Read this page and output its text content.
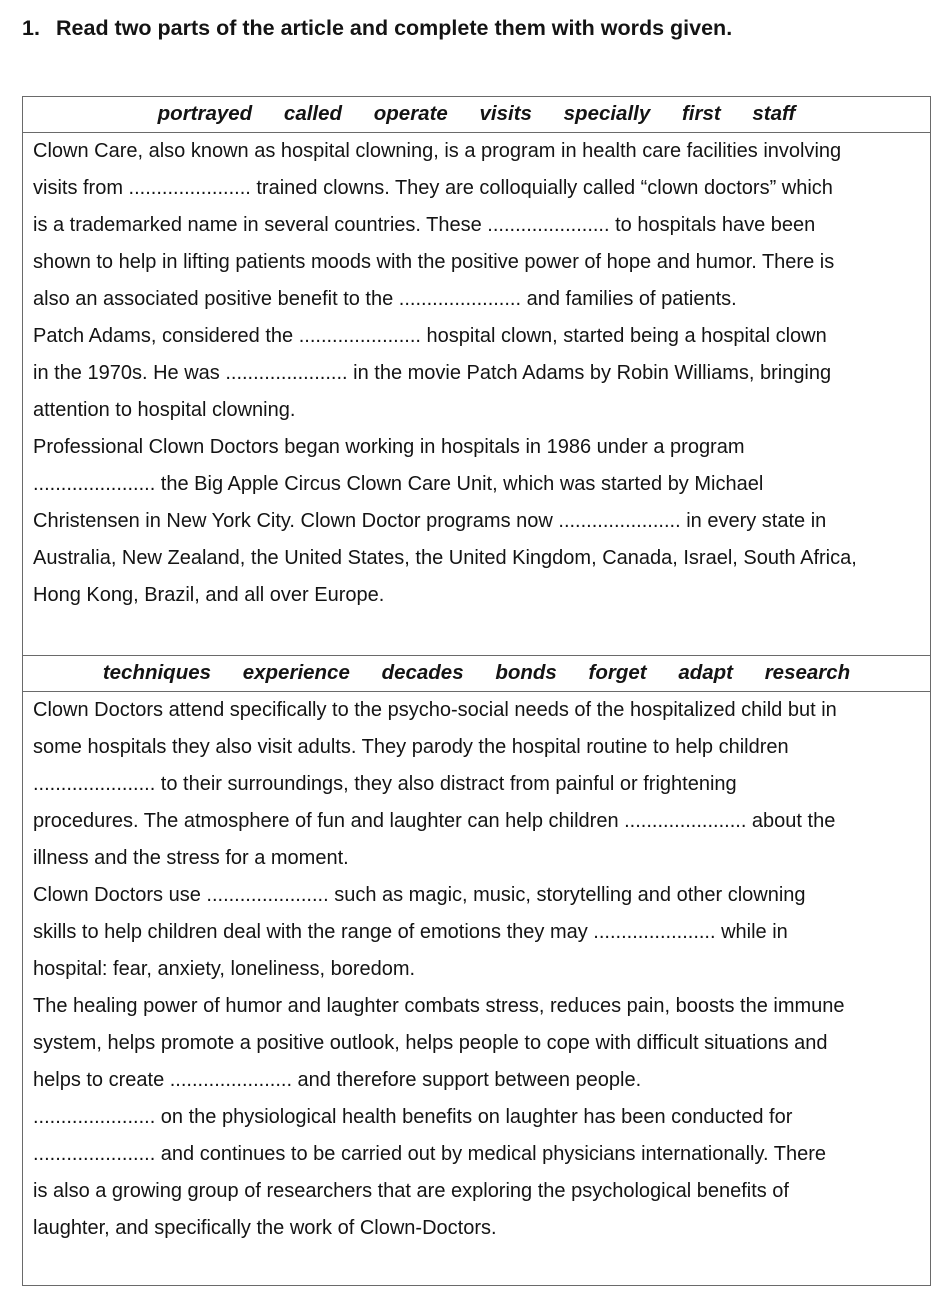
1. Read two parts of the article and complete them with words given.
portrayed called operate visits specially first staff
Clown Care, also known as hospital clowning, is a program in health care facilities involving
visits from ...................... trained clowns. They are colloquially called “clown doctors” which
is a trademarked name in several countries. These ...................... to hospitals have been
shown to help in lifting patients moods with the positive power of hope and humor. There is
also an associated positive benefit to the ...................... and families of patients.
Patch Adams, considered the ...................... hospital clown, started being a hospital clown
in the 1970s. He was ...................... in the movie Patch Adams by Robin Williams, bringing
attention to hospital clowning.
Professional Clown Doctors began working in hospitals in 1986 under a program
...................... the Big Apple Circus Clown Care Unit, which was started by Michael
Christensen in New York City. Clown Doctor programs now ...................... in every state in
Australia, New Zealand, the United States, the United Kingdom, Canada, Israel, South Africa,
Hong Kong, Brazil, and all over Europe.
techniques experience decades bonds forget adapt research
Clown Doctors attend specifically to the psycho-social needs of the hospitalized child but in
some hospitals they also visit adults. They parody the hospital routine to help children
...................... to their surroundings, they also distract from painful or frightening
procedures. The atmosphere of fun and laughter can help children ...................... about the
illness and the stress for a moment.
Clown Doctors use ...................... such as magic, music, storytelling and other clowning
skills to help children deal with the range of emotions they may ...................... while in
hospital: fear, anxiety, loneliness, boredom.
The healing power of humor and laughter combats stress, reduces pain, boosts the immune
system, helps promote a positive outlook, helps people to cope with difficult situations and
helps to create ...................... and therefore support between people.
...................... on the physiological health benefits on laughter has been conducted for
...................... and continues to be carried out by medical physicians internationally. There
is also a growing group of researchers that are exploring the psychological benefits of
laughter, and specifically the work of Clown-Doctors.
